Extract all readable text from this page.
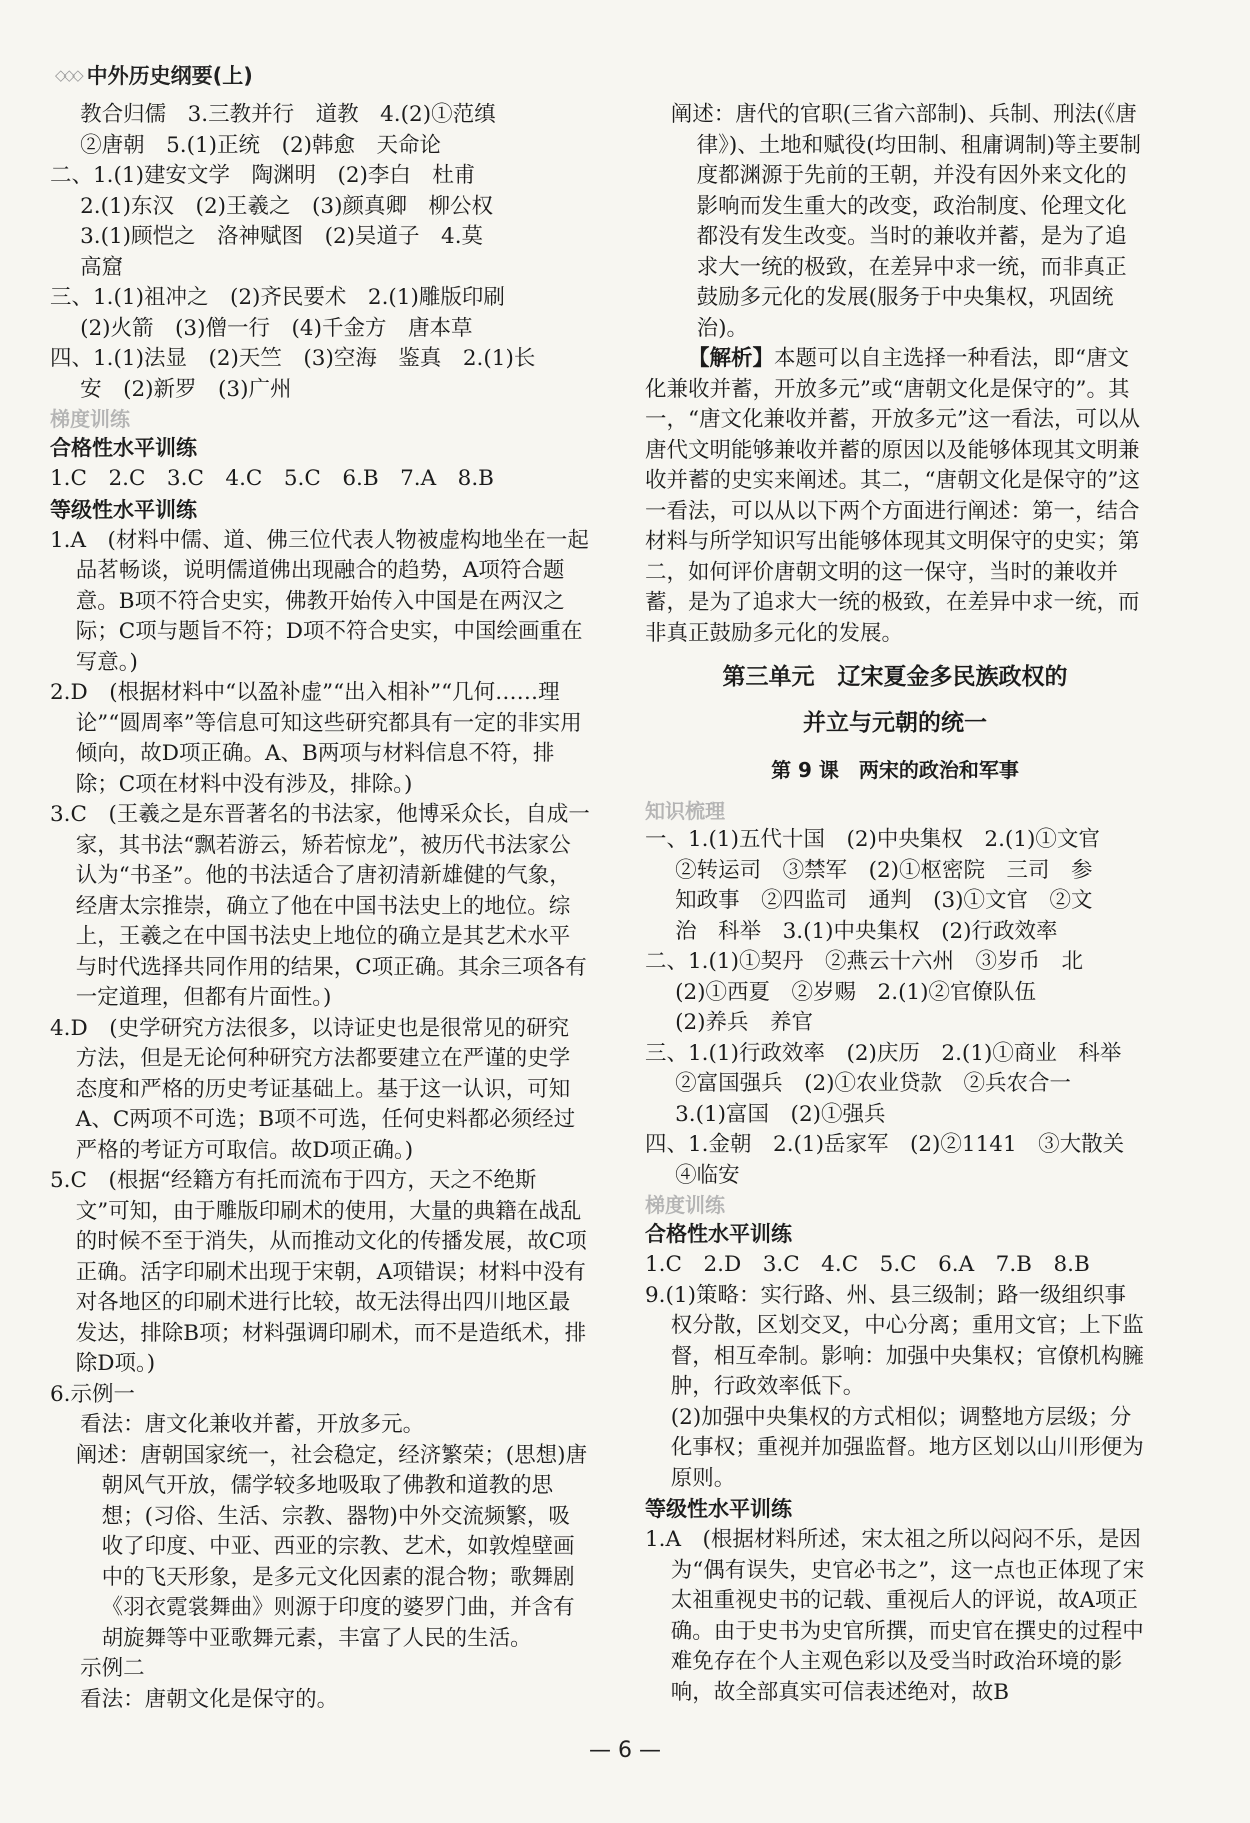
◇◇◇ 中外历史纲要(上)

教合归儒　3.三教并行　道教　4.(2)①范缜

②唐朝　5.(1)正统　(2)韩愈　天命论

二、1.(1)建安文学　陶渊明　(2)李白　杜甫

2.(1)东汉　(2)王羲之　(3)颜真卿　柳公权

3.(1)顾恺之　洛神赋图　(2)吴道子　4.莫

高窟

三、1.(1)祖冲之　(2)齐民要术　2.(1)雕版印刷

(2)火箭　(3)僧一行　(4)千金方　唐本草

四、1.(1)法显　(2)天竺　(3)空海　鉴真　2.(1)长

安　(2)新罗　(3)广州

梯度训练

合格性水平训练

1.C　2.C　3.C　4.C　5.C　6.B　7.A　8.B

等级性水平训练

1.A　(材料中儒、道、佛三位代表人物被虚构地坐在一起品茗畅谈，说明儒道佛出现融合的趋势，A项符合题意。B项不符合史实，佛教开始传入中国是在两汉之际；C项与题旨不符；D项不符合史实，中国绘画重在写意。)

2.D　(根据材料中“以盈补虚”“出入相补”“几何……理论”“圆周率”等信息可知这些研究都具有一定的非实用倾向，故D项正确。A、B两项与材料信息不符，排除；C项在材料中没有涉及，排除。)

3.C　(王羲之是东晋著名的书法家，他博采众长，自成一家，其书法“飘若游云，矫若惊龙”，被历代书法家公认为“书圣”。他的书法适合了唐初清新雄健的气象，经唐太宗推崇，确立了他在中国书法史上的地位。综上，王羲之在中国书法史上地位的确立是其艺术水平与时代选择共同作用的结果，C项正确。其余三项各有一定道理，但都有片面性。)

4.D　(史学研究方法很多，以诗证史也是很常见的研究方法，但是无论何种研究方法都要建立在严谨的史学态度和严格的历史考证基础上。基于这一认识，可知A、C两项不可选；B项不可选，任何史料都必须经过严格的考证方可取信。故D项正确。)

5.C　(根据“经籍方有托而流布于四方，天之不绝斯文”可知，由于雕版印刷术的使用，大量的典籍在战乱的时候不至于消失，从而推动文化的传播发展，故C项正确。活字印刷术出现于宋朝，A项错误；材料中没有对各地区的印刷术进行比较，故无法得出四川地区最发达，排除B项；材料强调印刷术，而不是造纸术，排除D项。)

6.示例一

看法：唐文化兼收并蓄，开放多元。

阐述：唐朝国家统一，社会稳定，经济繁荣；(思想)唐朝风气开放，儒学较多地吸取了佛教和道教的思想；(习俗、生活、宗教、器物)中外交流频繁，吸收了印度、中亚、西亚的宗教、艺术，如敦煌壁画中的飞天形象，是多元文化因素的混合物；歌舞剧《羽衣霓裳舞曲》则源于印度的婆罗门曲，并含有胡旋舞等中亚歌舞元素，丰富了人民的生活。

示例二

看法：唐朝文化是保守的。

阐述：唐代的官职(三省六部制)、兵制、刑法(《唐律》)、土地和赋役(均田制、租庸调制)等主要制度都渊源于先前的王朝，并没有因外来文化的影响而发生重大的改变，政治制度、伦理文化都没有发生改变。当时的兼收并蓄，是为了追求大一统的极致，在差异中求一统，而非真正鼓励多元化的发展(服务于中央集权，巩固统治)。

【解析】本题可以自主选择一种看法，即“唐文化兼收并蓄，开放多元”或“唐朝文化是保守的”。其一，“唐文化兼收并蓄，开放多元”这一看法，可以从唐代文明能够兼收并蓄的原因以及能够体现其文明兼收并蓄的史实来阐述。其二，“唐朝文化是保守的”这一看法，可以从以下两个方面进行阐述：第一，结合材料与所学知识写出能够体现其文明保守的史实；第二，如何评价唐朝文明的这一保守，当时的兼收并蓄，是为了追求大一统的极致，在差异中求一统，而非真正鼓励多元化的发展。

第三单元　辽宋夏金多民族政权的

并立与元朝的统一

第 9 课　两宋的政治和军事

知识梳理

一、1.(1)五代十国　(2)中央集权　2.(1)①文官

②转运司　③禁军　(2)①枢密院　三司　参

知政事　②四监司　通判　(3)①文官　②文

治　科举　3.(1)中央集权　(2)行政效率

二、1.(1)①契丹　②燕云十六州　③岁币　北

(2)①西夏　②岁赐　2.(1)②官僚队伍

(2)养兵　养官

三、1.(1)行政效率　(2)庆历　2.(1)①商业　科举

②富国强兵　(2)①农业贷款　②兵农合一

3.(1)富国　(2)①强兵

四、1.金朝　2.(1)岳家军　(2)②1141　③大散关

④临安

梯度训练

合格性水平训练

1.C　2.D　3.C　4.C　5.C　6.A　7.B　8.B

9.(1)策略：实行路、州、县三级制；路一级组织事权分散，区划交叉，中心分离；重用文官；上下监督，相互牵制。影响：加强中央集权；官僚机构臃肿，行政效率低下。

(2)加强中央集权的方式相似；调整地方层级；分化事权；重视并加强监督。地方区划以山川形便为原则。

等级性水平训练

1.A　(根据材料所述，宋太祖之所以闷闷不乐，是因为“偶有误失，史官必书之”，这一点也正体现了宋太祖重视史书的记载、重视后人的评说，故A项正确。由于史书为史官所撰，而史官在撰史的过程中难免存在个人主观色彩以及受当时政治环境的影响，故全部真实可信表述绝对，故B

— 6 —
